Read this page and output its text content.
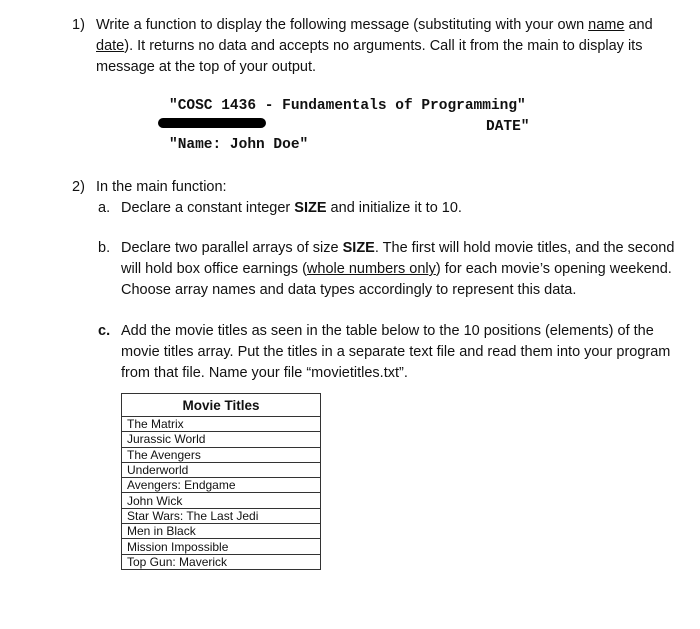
1) Write a function to display the following message (substituting with your own name and
date). It returns no data and accepts no arguments. Call it from the main to display its
message at the top of your output.
"COSC 1436 - Fundamentals of Programming"
DATE"
"Name: John Doe"
2) In the main function:
a. Declare a constant integer SIZE and initialize it to 10.
b. Declare two parallel arrays of size SIZE. The first will hold movie titles, and the second
will hold box office earnings (whole numbers only) for each movie’s opening weekend.
Choose array names and data types accordingly to represent this data.
c. Add the movie titles as seen in the table below to the 10 positions (elements) of the
movie titles array. Put the titles in a separate text file and read them into your program
from that file. Name your file “movietitles.txt”.
Movie Titles
The Matrix
Jurassic World
The Avengers
Underworld
Avengers: Endgame
John Wick
Star Wars: The Last Jedi
Men in Black
Mission Impossible
Top Gun: Maverick
